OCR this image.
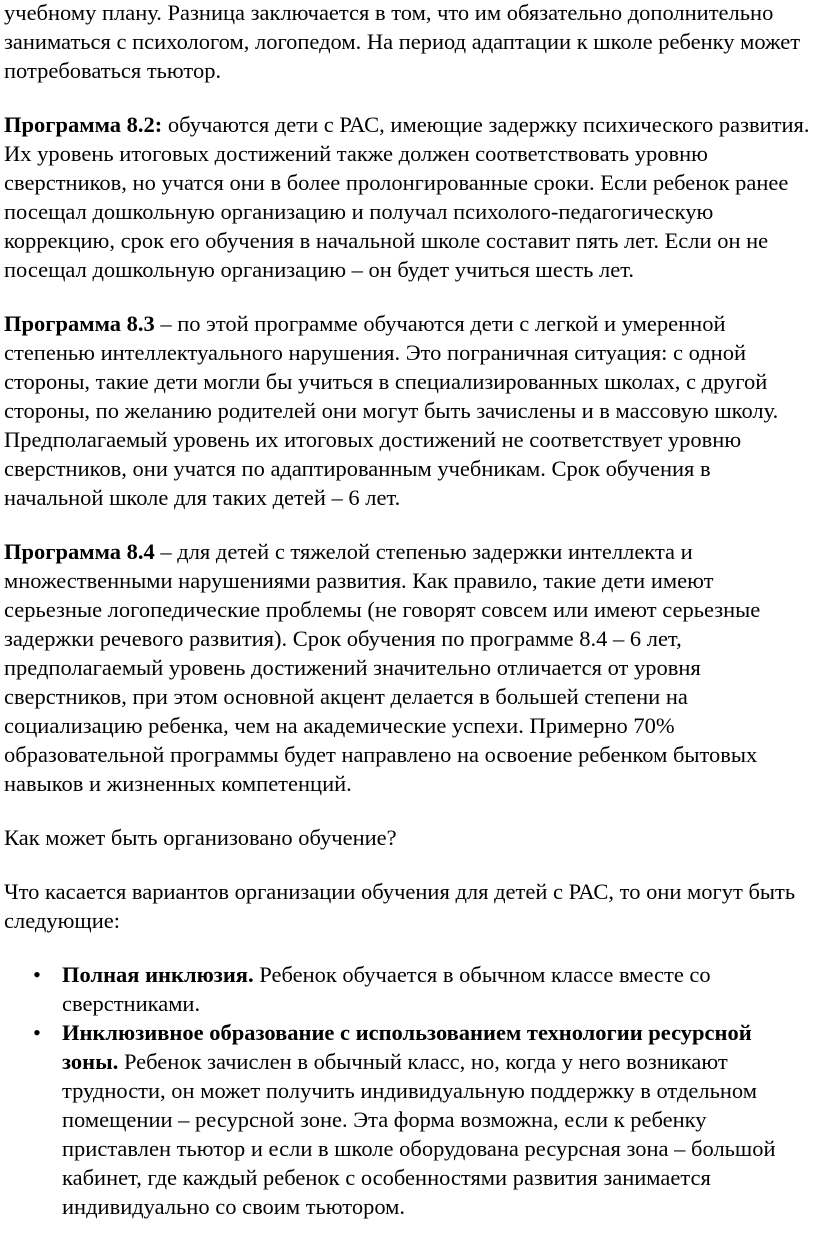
учебному плану. Разница заключается в том, что им обязательно дополнительно заниматься с психологом, логопедом. На период адаптации к школе ребенку может потребоваться тьютор.

Программа 8.2: обучаются дети с РАС, имеющие задержку психического развития. Их уровень итоговых достижений также должен соответствовать уровню сверстников, но учатся они в более пролонгированные сроки. Если ребенок ранее посещал дошкольную организацию и получал психолого-педагогическую коррекцию, срок его обучения в начальной школе составит пять лет. Если он не посещал дошкольную организацию – он будет учиться шесть лет.

Программа 8.3 – по этой программе обучаются дети с легкой и умеренной степенью интеллектуального нарушения. Это пограничная ситуация: с одной стороны, такие дети могли бы учиться в специализированных школах, с другой стороны, по желанию родителей они могут быть зачислены и в массовую школу. Предполагаемый уровень их итоговых достижений не соответствует уровню сверстников, они учатся по адаптированным учебникам. Срок обучения в начальной школе для таких детей – 6 лет.

Программа 8.4 – для детей с тяжелой степенью задержки интеллекта и множественными нарушениями развития. Как правило, такие дети имеют серьезные логопедические проблемы (не говорят совсем или имеют серьезные задержки речевого развития). Срок обучения по программе 8.4 – 6 лет, предполагаемый уровень достижений значительно отличается от уровня сверстников, при этом основной акцент делается в большей степени на социализацию ребенка, чем на академические успехи. Примерно 70% образовательной программы будет направлено на освоение ребенком бытовых навыков и жизненных компетенций.

Как может быть организовано обучение?

Что касается вариантов организации обучения для детей с РАС, то они могут быть следующие:

• Полная инклюзия. Ребенок обучается в обычном классе вместе со сверстниками.
• Инклюзивное образование с использованием технологии ресурсной зоны. Ребенок зачислен в обычный класс, но, когда у него возникают трудности, он может получить индивидуальную поддержку в отдельном помещении – ресурсной зоне. Эта форма возможна, если к ребенку приставлен тьютор и если в школе оборудована ресурсная зона – большой кабинет, где каждый ребенок с особенностями развития занимается индивидуально со своим тьютором.
